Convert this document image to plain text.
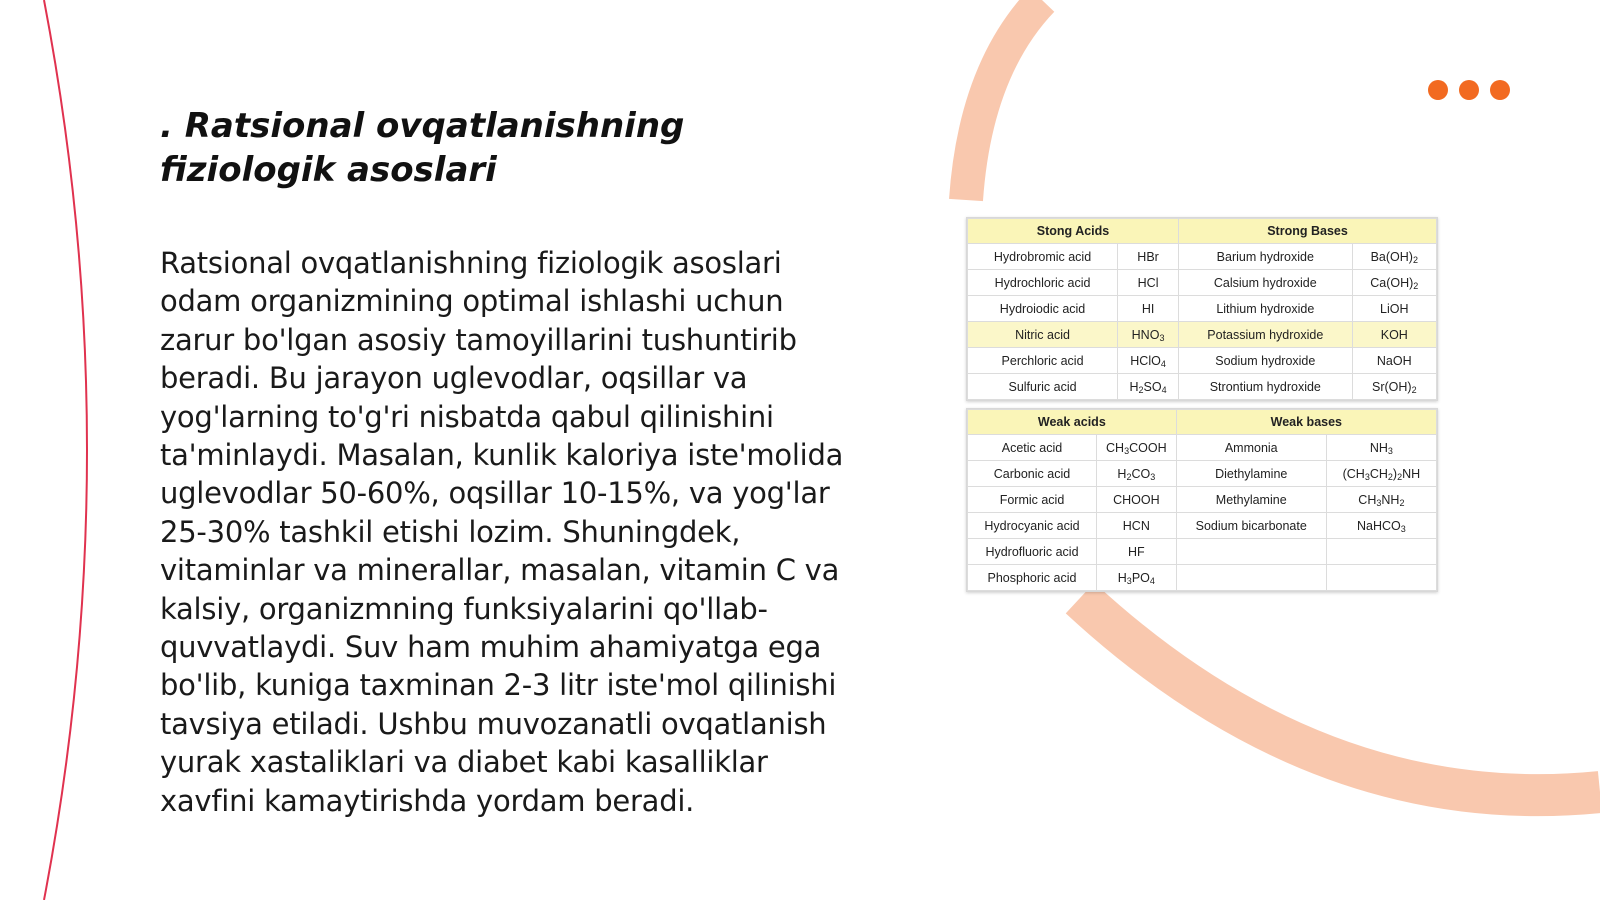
. Ratsional ovqatlanishning fiziologik asoslari

Ratsional ovqatlanishning fiziologik asoslari odam organizmining optimal ishlashi uchun zarur bo'lgan asosiy tamoyillarini tushuntirib beradi. Bu jarayon uglevodlar, oqsillar va yog'larning to'g'ri nisbatda qabul qilinishini ta'minlaydi. Masalan, kunlik kaloriya iste'molida uglevodlar 50-60%, oqsillar 10-15%, va yog'lar 25-30% tashkil etishi lozim. Shuningdek, vitaminlar va minerallar, masalan, vitamin C va kalsiy, organizmning funksiyalarini qo'llab-quvvatlaydi. Suv ham muhim ahamiyatga ega bo'lib, kuniga taxminan 2-3 litr iste'mol qilinishi tavsiya etiladi. Ushbu muvozanatli ovqatlanish yurak xastaliklari va diabet kabi kasalliklar xavfini kamaytirishda yordam beradi.

Stong Acids		Strong Bases	
Hydrobromic acid	HBr	Barium hydroxide	$Ba(OH)_2$
Hydrochloric acid	HCl	Calsium hydroxide	$Ca(OH)_2$
Hydroiodic acid	HI	Lithium hydroxide	LiOH
Nitric acid	$HNO_3$	Potassium hydroxide	KOH
Perchloric acid	HClO$_4$	Sodium hydroxide	NaOH
Sulfuric acid	$H_2SO_4$	Strontium hydroxide	$Sr(OH)_2$
Weak acids		Weak bases	
Acetic acid	$CH_3COOH$	Ammonia	$NH_3$
Carbonic acid	$H_2CO_3$	Diethylamine	$(CH_3CH_2)_2NH$
Formic acid	CHOOH	Methylamine	$CH_3NH_2$
Hydrocyanic acid	HCN	Sodium bicarbonate	NaHCO$_3$
Hydrofluoric acid	HF		
Phosphoric acid	$H_3PO_4$		
